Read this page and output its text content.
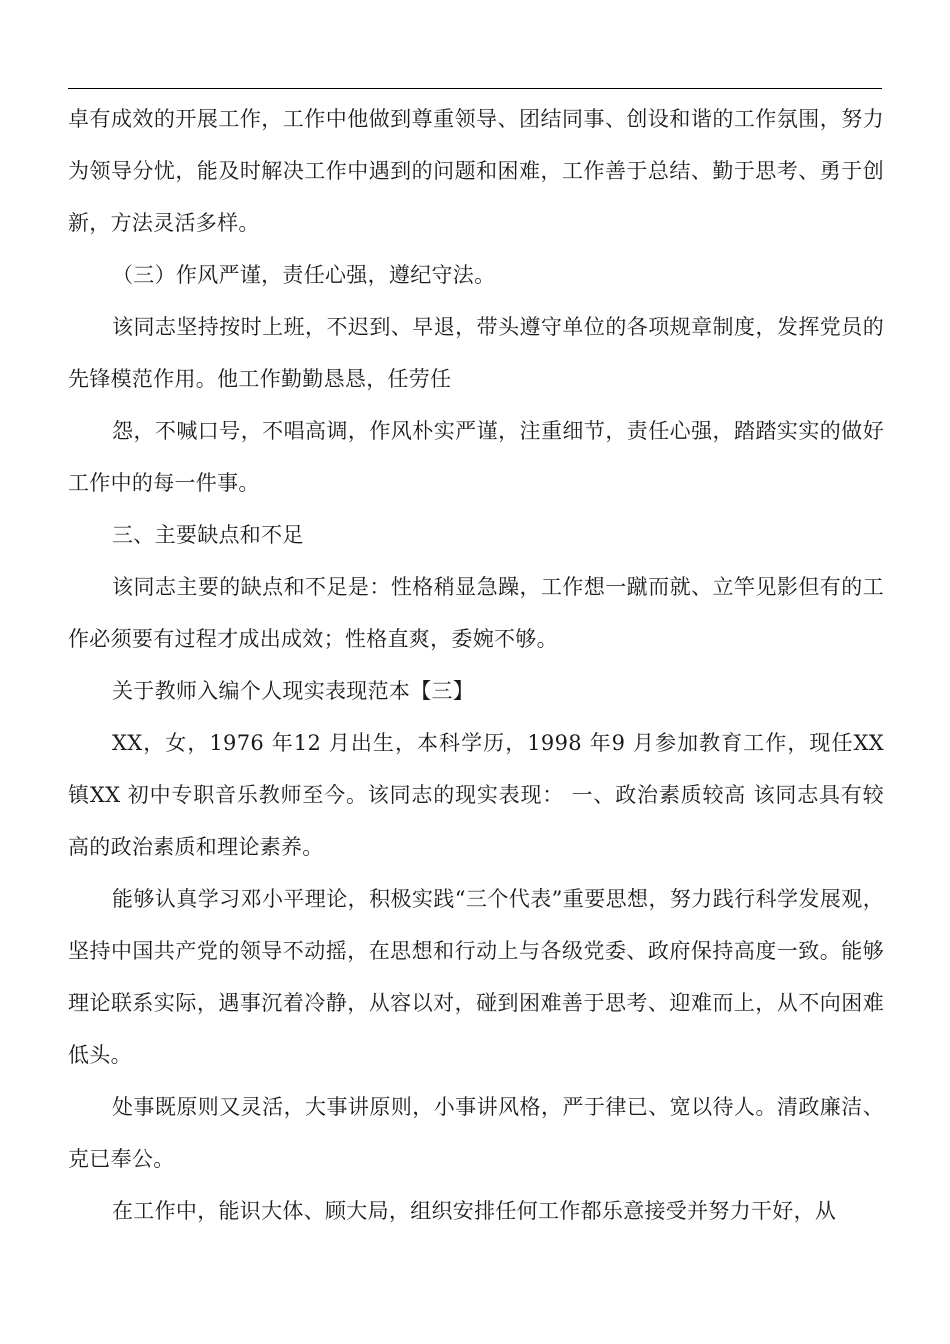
卓有成效的开展工作，工作中他做到尊重领导、团结同事、创设和谐的工作氛围，努力为领导分忧，能及时解决工作中遇到的问题和困难，工作善于总结、勤于思考、勇于创新，方法灵活多样。

（三）作风严谨，责任心强，遵纪守法。

该同志坚持按时上班，不迟到、早退，带头遵守单位的各项规章制度，发挥党员的先锋模范作用。他工作勤勤恳恳，任劳任

怨，不喊口号，不唱高调，作风朴实严谨，注重细节，责任心强，踏踏实实的做好工作中的每一件事。

三、主要缺点和不足

该同志主要的缺点和不足是：性格稍显急躁，工作想一蹴而就、立竿见影但有的工作必须要有过程才成出成效；性格直爽，委婉不够。

关于教师入编个人现实表现范本【三】

XX，女，1976 年12 月出生，本科学历，1998 年9 月参加教育工作，现任XX 镇XX 初中专职音乐教师至今。该同志的现实表现： 一、政治素质较高 该同志具有较高的政治素质和理论素养。

能够认真学习邓小平理论，积极实践“三个代表”重要思想，努力践行科学发展观，坚持中国共产党的领导不动摇，在思想和行动上与各级党委、政府保持高度一致。能够理论联系实际，遇事沉着冷静，从容以对，碰到困难善于思考、迎难而上，从不向困难低头。

处事既原则又灵活，大事讲原则，小事讲风格，严于律已、宽以待人。清政廉洁、克已奉公。

在工作中，能识大体、顾大局，组织安排任何工作都乐意接受并努力干好，从
